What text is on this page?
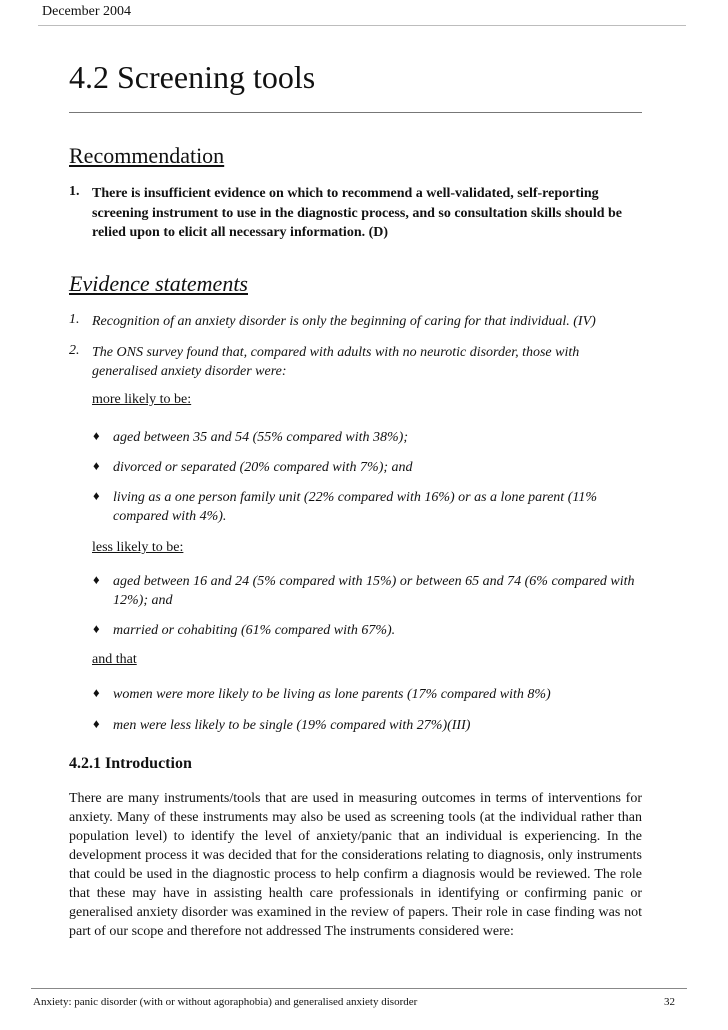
December 2004
4.2 Screening tools
Recommendation
1. There is insufficient evidence on which to recommend a well-validated, self-reporting screening instrument to use in the diagnostic process, and so consultation skills should be relied upon to elicit all necessary information. (D)
Evidence statements
1. Recognition of an anxiety disorder is only the beginning of caring for that individual. (IV)
2. The ONS survey found that, compared with adults with no neurotic disorder, those with generalised anxiety disorder were:
more likely to be:
♦ aged between 35 and 54 (55% compared with 38%);
♦ divorced or separated (20% compared with 7%); and
♦ living as a one person family unit (22% compared with 16%) or as a lone parent (11% compared with 4%).
less likely to be:
♦ aged between 16 and 24 (5% compared with 15%) or between 65 and 74 (6% compared with 12%); and
♦ married or cohabiting (61% compared with 67%).
and that
♦ women were more likely to be living as lone parents (17% compared with 8%)
♦ men were less likely to be single (19% compared with 27%)(III)
4.2.1 Introduction
There are many instruments/tools that are used in measuring outcomes in terms of interventions for anxiety. Many of these instruments may also be used as screening tools (at the individual rather than population level) to identify the level of anxiety/panic that an individual is experiencing. In the development process it was decided that for the considerations relating to diagnosis, only instruments that could be used in the diagnostic process to help confirm a diagnosis would be reviewed. The role that these may have in assisting health care professionals in identifying or confirming panic or generalised anxiety disorder was examined in the review of papers. Their role in case finding was not part of our scope and therefore not addressed The instruments considered were:
Anxiety: panic disorder (with or without agoraphobia) and generalised anxiety disorder	32
